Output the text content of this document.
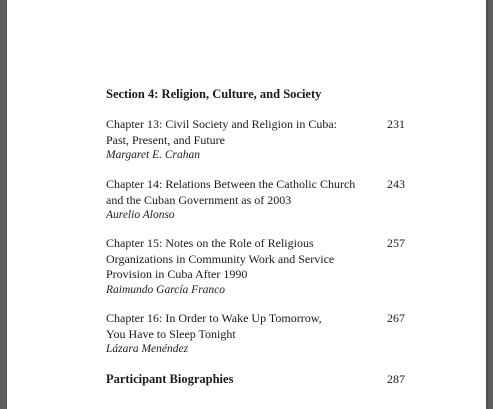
Section 4: Religion, Culture, and Society
Chapter 13: Civil Society and Religion in Cuba:
Past, Present, and Future
Margaret E. Crahan
231
Chapter 14: Relations Between the Catholic Church
and the Cuban Government as of 2003
Aurelio Alonso
243
Chapter 15: Notes on the Role of Religious
Organizations in Community Work and Service
Provision in Cuba After 1990
Raimundo García Franco
257
Chapter 16: In Order to Wake Up Tomorrow,
You Have to Sleep Tonight
Lázara Menéndez
267
Participant Biographies	287
